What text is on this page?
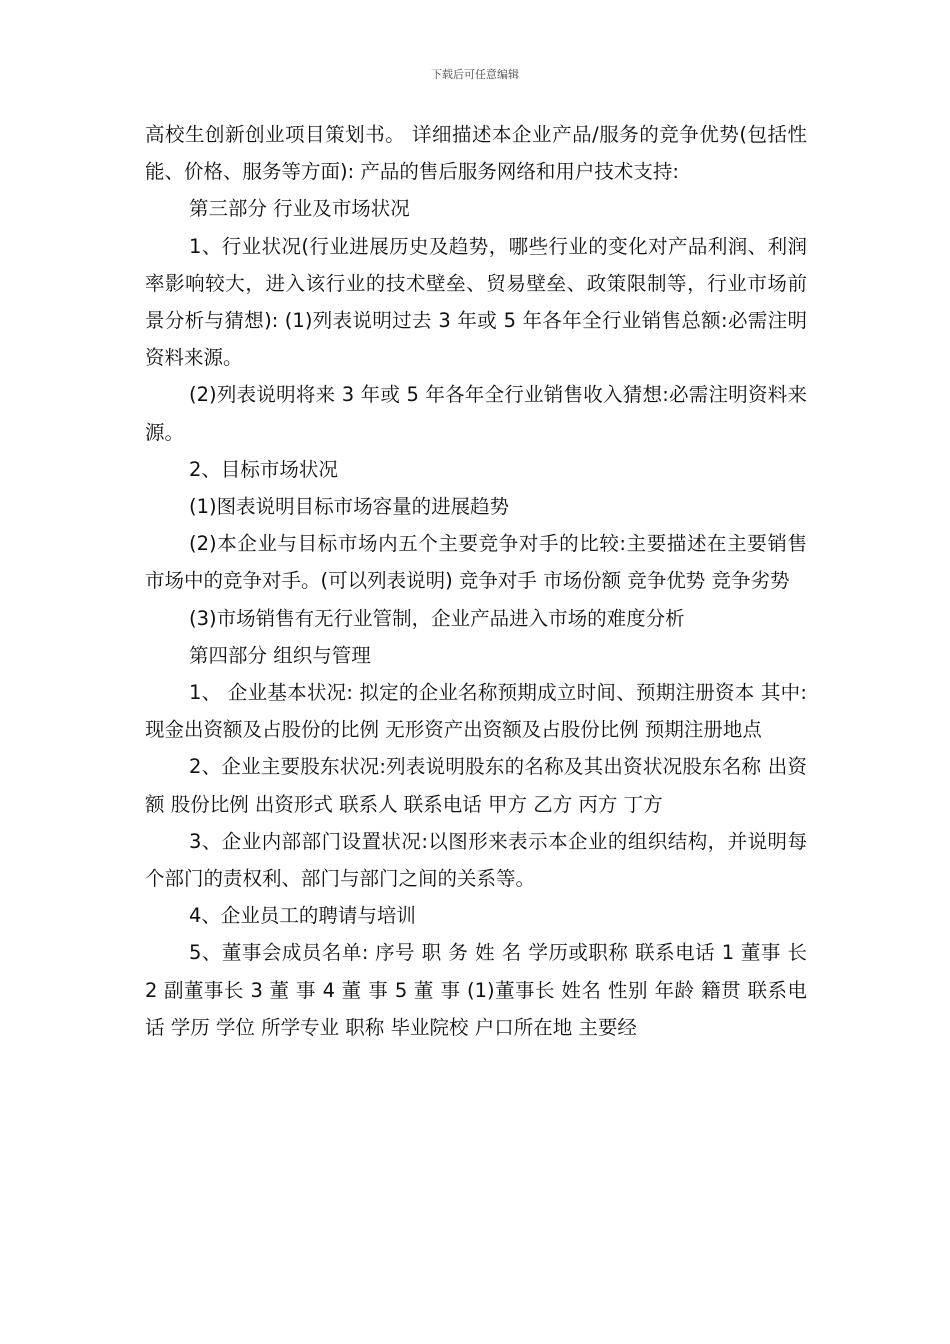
下载后可任意编辑

高校生创新创业项目策划书。 详细描述本企业产品/服务的竞争优势(包括性能、价格、服务等方面): 产品的售后服务网络和用户技术支持:

第三部分 行业及市场状况

1、行业状况(行业进展历史及趋势，哪些行业的变化对产品利润、利润率影响较大，进入该行业的技术壁垒、贸易壁垒、政策限制等，行业市场前景分析与猜想): (1)列表说明过去 3 年或 5 年各年全行业销售总额:必需注明资料来源。

(2)列表说明将来 3 年或 5 年各年全行业销售收入猜想:必需注明资料来源。

2、目标市场状况

(1)图表说明目标市场容量的进展趋势

(2)本企业与目标市场内五个主要竞争对手的比较:主要描述在主要销售市场中的竞争对手。(可以列表说明) 竞争对手 市场份额 竞争优势 竞争劣势

(3)市场销售有无行业管制，企业产品进入市场的难度分析

第四部分 组织与管理

1、 企业基本状况: 拟定的企业名称预期成立时间、预期注册资本 其中:现金出资额及占股份的比例 无形资产出资额及占股份比例 预期注册地点

2、企业主要股东状况:列表说明股东的名称及其出资状况股东名称 出资额 股份比例 出资形式 联系人 联系电话 甲方 乙方 丙方 丁方

3、企业内部部门设置状况:以图形来表示本企业的组织结构，并说明每个部门的责权利、部门与部门之间的关系等。

4、企业员工的聘请与培训

5、董事会成员名单: 序号 职 务 姓 名 学历或职称 联系电话 1 董事 长 2 副董事长 3 董 事 4 董 事 5 董 事 (1)董事长 姓名 性别 年龄 籍贯 联系电话 学历 学位 所学专业 职称 毕业院校 户口所在地 主要经
